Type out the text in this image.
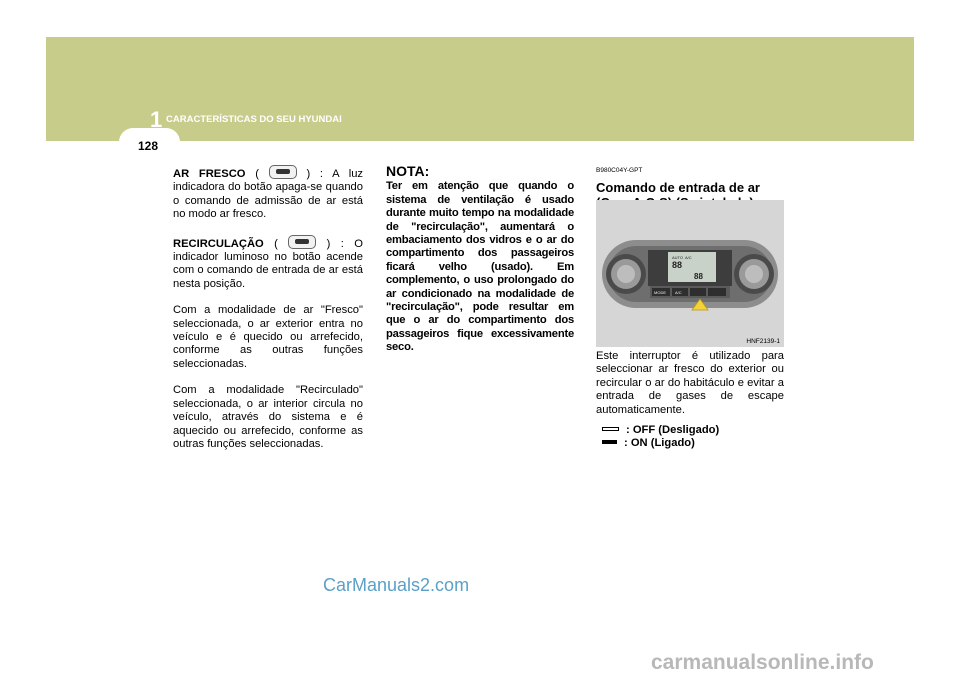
1 CARACTERÍSTICAS DO SEU HYUNDAI
128

AR FRESCO (	) : A luz indicadora do botão apaga-se quando o comando de admissão de ar está no modo ar fresco.

RECIRCULAÇÃO (	) : O indicador luminoso no botão acende com o comando de entrada de ar está nesta posição.

Com a modalidade de ar "Fresco" seleccionada, o ar exterior entra no veículo e é quecido ou arrefecido, conforme as outras funções seleccionadas.

Com a modalidade "Recirculado" seleccionada, o ar interior circula no veículo, através do sistema e é aquecido ou arrefecido, conforme as outras funções seleccionadas.

NOTA:
Ter em atenção que quando o sistema de ventilação é usado durante muito tempo na modalidade de "recirculação", aumentará o embaciamento dos vidros e o ar do compartimento dos passageiros ficará velho (usado). Em complemento, o uso prolongado do ar condicionado na modalidade de "recirculação", pode resultar em que o ar do compartimento dos passageiros fique excessivamente seco.
B980C04Y-GPT
Comando de entrada de ar
AUTO A/C
88
88
MODE A/C
HNF2139-1
Este interruptor é utilizado para seleccionar ar fresco do exterior ou recircular o ar do habitáculo e evitar a entrada de gases de escape automaticamente.
: OFF (Desligado)
: ON (Ligado)
CarManuals2.com
carmanualsonline.info
